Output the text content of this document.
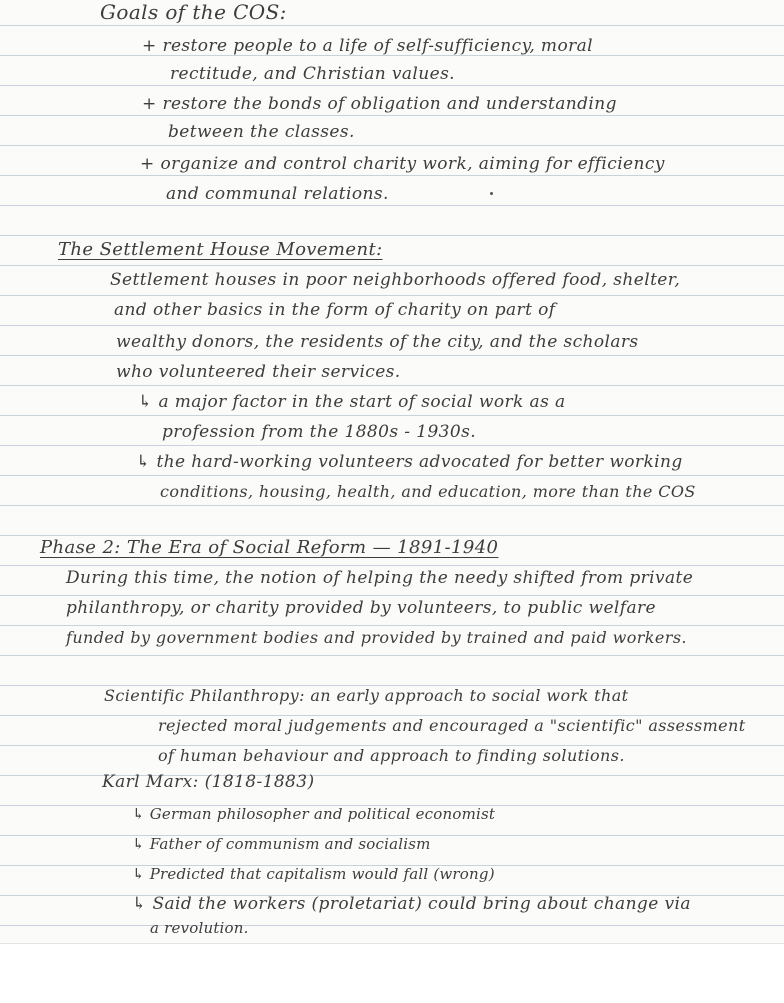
Goals of the COS:
+ restore people to a life of self-sufficiency, moral
rectitude, and Christian values.
+ restore the bonds of obligation and understanding
between the classes.
+ organize and control charity work, aiming for efficiency
and communal relations.
The Settlement House Movement:
Settlement houses in poor neighborhoods offered food, shelter,
and other basics in the form of charity on part of
wealthy donors, the residents of the city, and the scholars
who volunteered their services.
↳ a major factor in the start of social work as a
profession from the 1880s - 1930s.
↳ the hard-working volunteers advocated for better working
conditions, housing, health, and education, more than the COS
Phase 2: The Era of Social Reform — 1891-1940
During this time, the notion of helping the needy shifted from private
philanthropy, or charity provided by volunteers, to public welfare
funded by government bodies and provided by trained and paid workers.
Scientific Philanthropy: an early approach to social work that
rejected moral judgements and encouraged a "scientific" assessment
of human behaviour and approach to finding solutions.
Karl Marx: (1818-1883)
↳ German philosopher and political economist
↳ Father of communism and socialism
↳ Predicted that capitalism would fall (wrong)
↳ Said the workers (proletariat) could bring about change via
a revolution.
